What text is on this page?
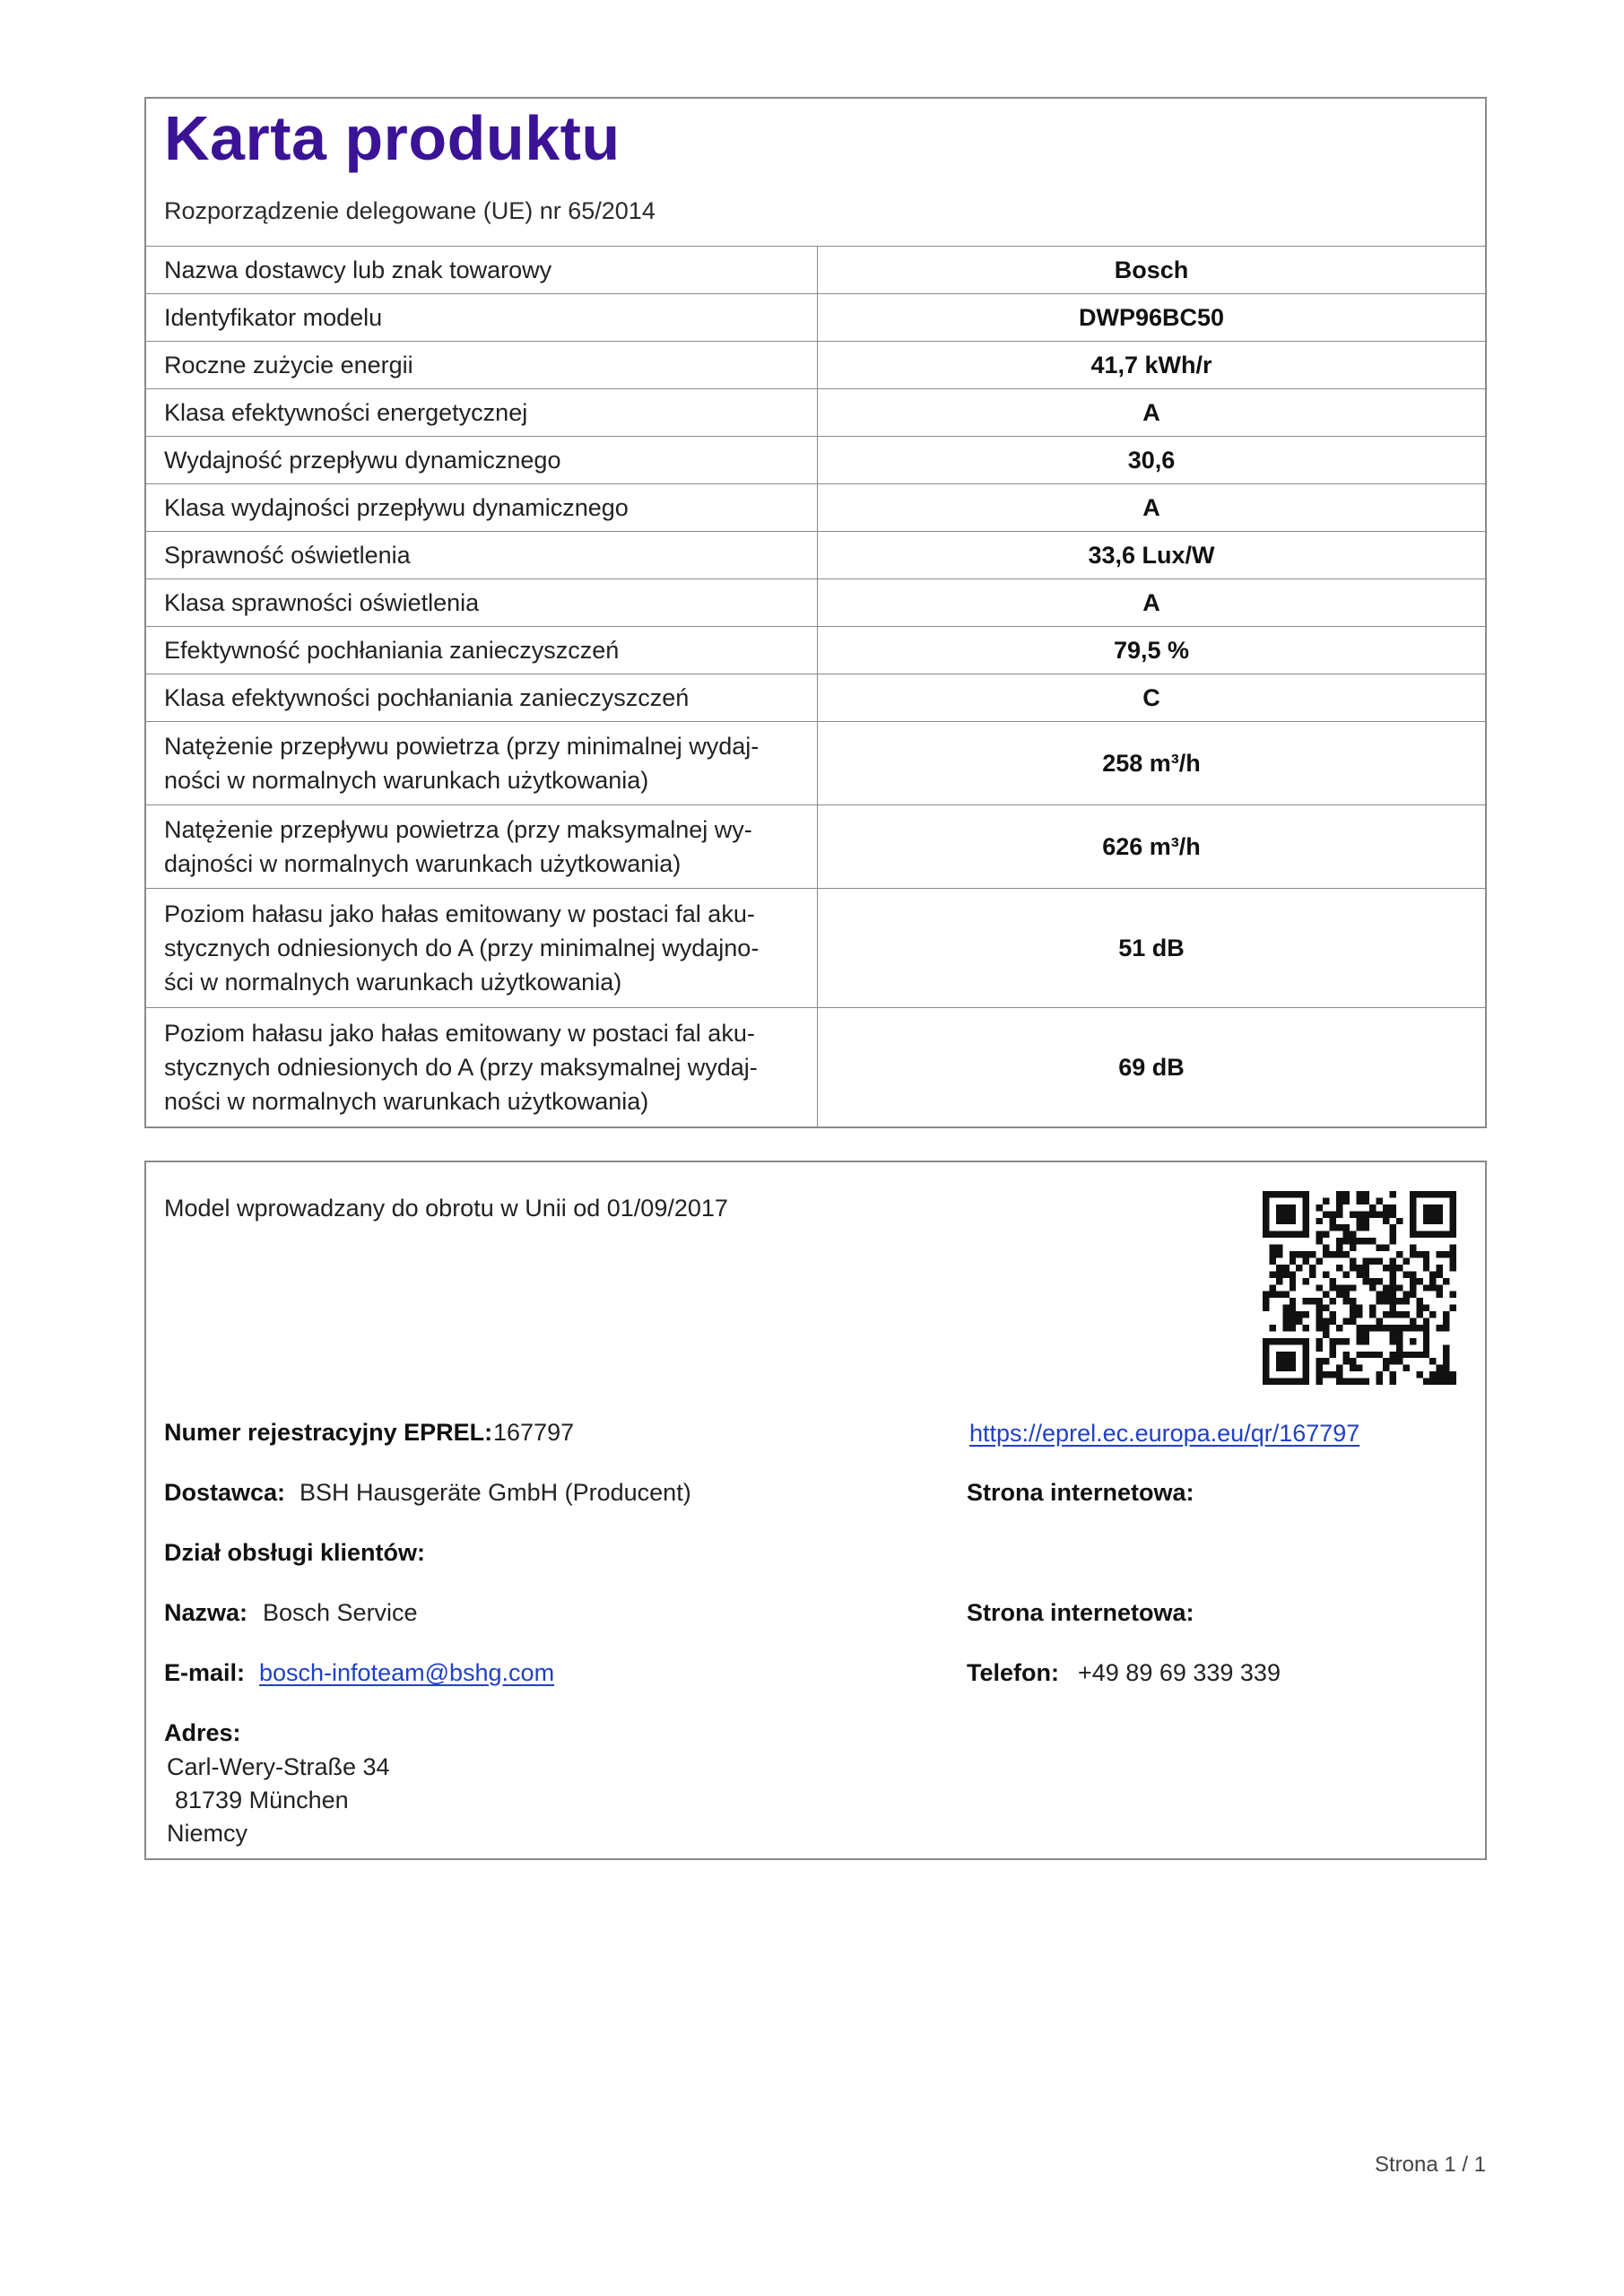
Karta produktu
Rozporządzenie delegowane (UE) nr 65/2014
Nazwa dostawcy lub znak towarowy	Bosch
Identyfikator modelu	DWP96BC50
Roczne zużycie energii	41,7 kWh/r
Klasa efektywności energetycznej	A
Wydajność przepływu dynamicznego	30,6
Klasa wydajności przepływu dynamicznego	A
Sprawność oświetlenia	33,6 Lux/W
Klasa sprawności oświetlenia	A
Efektywność pochłaniania zanieczyszczeń	79,5 %
Klasa efektywności pochłaniania zanieczyszczeń	C

Natężenie przepływu powietrza (przy minimalnej wydaj-
ności w normalnych warunkach użytkowania)	258 m³/h

Natężenie przepływu powietrza (przy maksymalnej wy-
dajności w normalnych warunkach użytkowania)	626 m³/h

Poziom hałasu jako hałas emitowany w postaci fal aku-
stycznych odniesionych do A (przy minimalnej wydajno-
ści w normalnych warunkach użytkowania)	51 dB

Poziom hałasu jako hałas emitowany w postaci fal aku-
stycznych odniesionych do A (przy maksymalnej wydaj-
ności w normalnych warunkach użytkowania)	69 dB
Model wprowadzany do obrotu w Unii od 01/09/2017
Numer rejestracyjny EPREL: 167797	https://eprel.ec.europa.eu/qr/167797
Dostawca: BSH Hausgeräte GmbH (Producent)	Strona internetowa:
Dział obsługi klientów:
Nazwa: Bosch Service	Strona internetowa:
E-mail: bosch-infoteam@bshg.com	Telefon: +49 89 69 339 339
Adres:
Carl-Wery-Straße 34
81739 München
Niemcy
Strona 1 / 1
